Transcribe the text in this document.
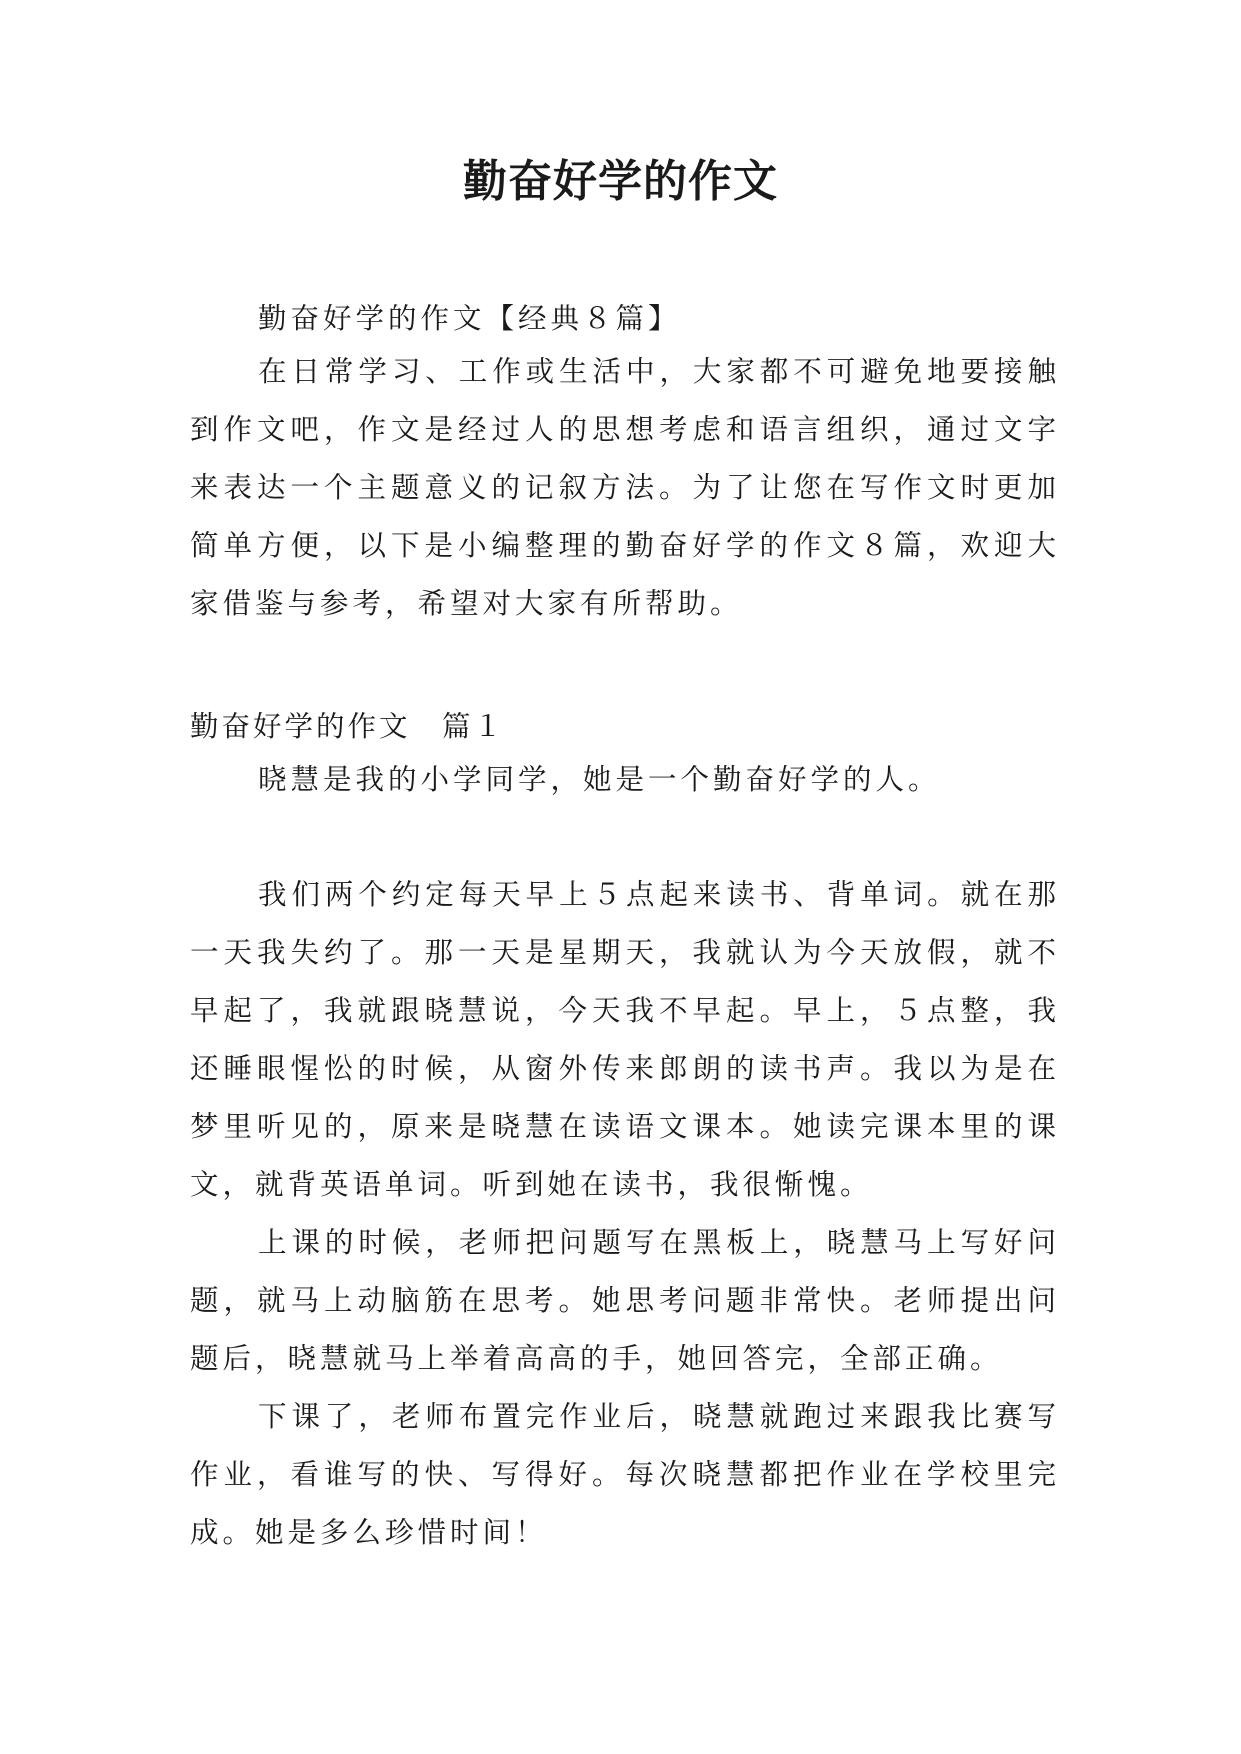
勤奋好学的作文

勤奋好学的作文【经典８篇】

在日常学习、工作或生活中，大家都不可避免地要接触到作文吧，作文是经过人的思想考虑和语言组织，通过文字来表达一个主题意义的记叙方法。为了让您在写作文时更加简单方便，以下是小编整理的勤奋好学的作文８篇，欢迎大家借鉴与参考，希望对大家有所帮助。

勤奋好学的作文　篇１

晓慧是我的小学同学，她是一个勤奋好学的人。

我们两个约定每天早上５点起来读书、背单词。就在那一天我失约了。那一天是星期天，我就认为今天放假，就不早起了，我就跟晓慧说，今天我不早起。早上，５点整，我还睡眼惺忪的时候，从窗外传来郎朗的读书声。我以为是在梦里听见的，原来是晓慧在读语文课本。她读完课本里的课文，就背英语单词。听到她在读书，我很惭愧。

上课的时候，老师把问题写在黑板上，晓慧马上写好问题，就马上动脑筋在思考。她思考问题非常快。老师提出问题后，晓慧就马上举着高高的手，她回答完，全部正确。

下课了，老师布置完作业后，晓慧就跑过来跟我比赛写作业，看谁写的快、写得好。每次晓慧都把作业在学校里完成。她是多么珍惜时间！
